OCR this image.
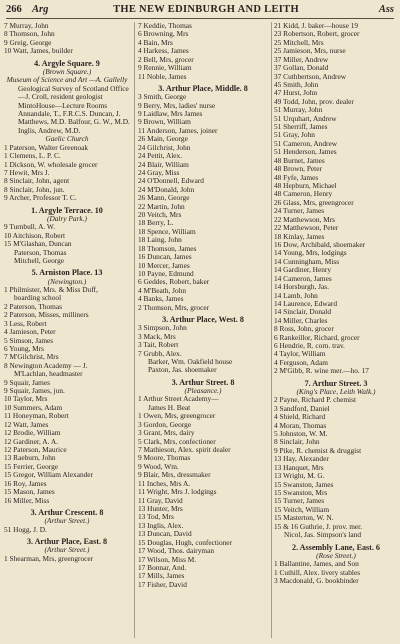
266 Arg	THE NEW EDINBURGH AND LEITH	Ass
7 Murray, John
8 Thomson, John
9 Greig, George
10 Watt, James, builder
4. Argyle Square. 9
(Brown Square.)
Museum of Science and Art —A. Gallelly
Geological Survey of Scotland Office—J. Croll, resident geologist
MintoHouse—Lecture Rooms Annandale, T., F.R.C.S. Duncan, J. Matthews, M.D. Balfour, G. W., M.D. Inglis, Andrew, M.D.
Gaelic Church
1 Paterson, Walter Greenoak
1 Clemens, L. P. C.
1 Dickson, W. wholesale grocer
7 Hewit, Mrs J.
8 Sinclair, John, agent
8 Sinclair, John, jun.
9 Archer, Professor T. C.
1. Argyle Terrace. 10
(Dalry Park.)
9 Turnbull, A. W.
10 Aitchison, Robert
15 M'Glashan, Duncan
Paterson, Thomas
Mitchell, George
5. Arniston Place. 13
(Newington.)
1 Philmister, Mrs. & Miss Duff,
boarding school
2 Paterson, Thomas
2 Paterson, Misses, milliners
3 Less, Robert
4 Jamieson, Peter
5 Simson, James
6 Young, Mrs
7 M'Gilchrist, Mrs
8 Newington Academy — J.
M'Lachlan, headmaster
9 Squair, James
9 Squair, James, jun.
10 Taylor, Mrs
10 Summers, Adam
11 Honeyman, Robert
12 Watt, James
12 Brodie, William
12 Gardiner, A. A.
12 Paterson, Maurice
13 Raeburn, John
15 Ferrier, George
15 Gregor, William Alexander
16 Roy, James
15 Mason, James
16 Miller, Miss
3. Arthur Crescent. 8
(Arthur Street.)
51 Hogg, J. D.
3. Arthur Place, East. 8
(Arthur Street.)
1 Shearman, Mrs, greengrocer
7 Keddie, Thomas
6 Browning, Mrs
4 Bain, Mrs
4 Harkess, James
2 Bell, Mrs, grocer
9 Rennie, William
11 Noble, James
3. Arthur Place, Middle. 8
3 Smith, George
9 Berry, Mrs, ladies' nurse
9 Laidlaw, Mrs James
9 Brown, William
11 Anderson, James, joiner
26 Main, George
24 Gilchrist, John
24 Pettit, Alex.
24 Blair, William
24 Gray, Miss
24 O'Donnell, Edward
24 M'Donald, John
26 Mann, George
22 Martin, John
20 Veitch, Mrs
18 Berry, L.
18 Spence, William
18 Laing, John
18 Thomson, James
16 Duncan, James
10 Mercer, James
10 Payne, Edmund
6 Geddes, Robert, baker
4 M'Beath, John
4 Banks, James
2 Thomson, Mrs, grocer
3. Arthur Place, West. 8
3 Simpson, John
3 Mack, Mrs
3 Tait, Robert
7 Grubb, Alex.
Barker, Wm. Oakfield house
Paxton, Jas. shoemaker
3. Arthur Street. 8
(Pleasance.)
1 Arthur Street Academy—
James H. Beat
1 Owen, Mrs, greengrocer
3 Gordon, George
3 Grant, Mrs, dairy
5 Clark, Mrs, confectioner
7 Mathieson, Alex. spirit dealer
9 Moore, Thomas
9 Wood, Wm.
9 Blair, Mrs, dressmaker
11 Inches, Mrs A.
11 Wright, Mrs J. lodgings
11 Gray, David
13 Hunter, Mrs
13 Tod, Mrs
13 Inglis, Alex.
13 Duncan, David
15 Douglas, Hugh, confectioner
17 Wood, Thos. dairyman
17 Wilson, Miss M.
17 Bonnar, And.
17 Mills, James
17 Fisher, David
21 Kidd, J. baker—house 19
23 Robertson, Robert, grocer
25 Mitchell, Mrs
25 Jamieson, Mrs, nurse
37 Miller, Andrew
37 Gollan, Donald
37 Cuthbertson, Andrew
45 Smith, John
47 Hurst, John
49 Todd, John, prov. dealer
51 Murray, John
51 Urquhart, Andrew
51 Sherriff, James
51 Gray, John
51 Cameron, Andrew
51 Henderson, James
48 Burnet, James
48 Brown, Peter
48 Fyfe, James
48 Hepburn, Michael
48 Cameron, Henry
26 Glass, Mrs, greengrocer
24 Turner, James
22 Matthewson, Mrs
22 Matthewson, Peter
18 Kinlay, James
16 Dow, Archibald, shoemaker
14 Young, Mrs, lodgings
14 Cunningham, Miss
14 Gardiner, Henry
14 Cameron, James
14 Horsburgh, Jas.
14 Lamb, John
14 Laurence, Edward
14 Sinclair, Donald
14 Miller, Charles
8 Ross, John, grocer
6 Rankeillor, Richard, grocer
6 Hendrie, R. corn. trav.
4 Taylor, William
4 Ferguson, Adam
2 M'Gibb, R. wine mer.—ho. 17
7. Arthur Street. 3
(King's Place, Leith Walk.)
2 Payne, Richard P. chemist
3 Sandford, Daniel
4 Shield, Richard
4 Moran, Thomas
5 Johnston, W. M.
8 Sinclair, John
9 Pike, R. chemist & druggist
13 Hay, Alexander
13 Hanquet, Mrs
13 Wright, M. G.
15 Swanston, James
15 Swanston, Mrs
15 Turner, James
15 Veitch, William
15 Masterton, W. N.
15 & 16 Guthrie, J. prov. mer.
Nicol, Jas. Simpson's land
2. Assembly Lane, East. 6
(Rose Street.)
1 Ballantine, James, and Son
1 Cuthill, Alex. livery stables
3 Macdonald, G. bookbinder
